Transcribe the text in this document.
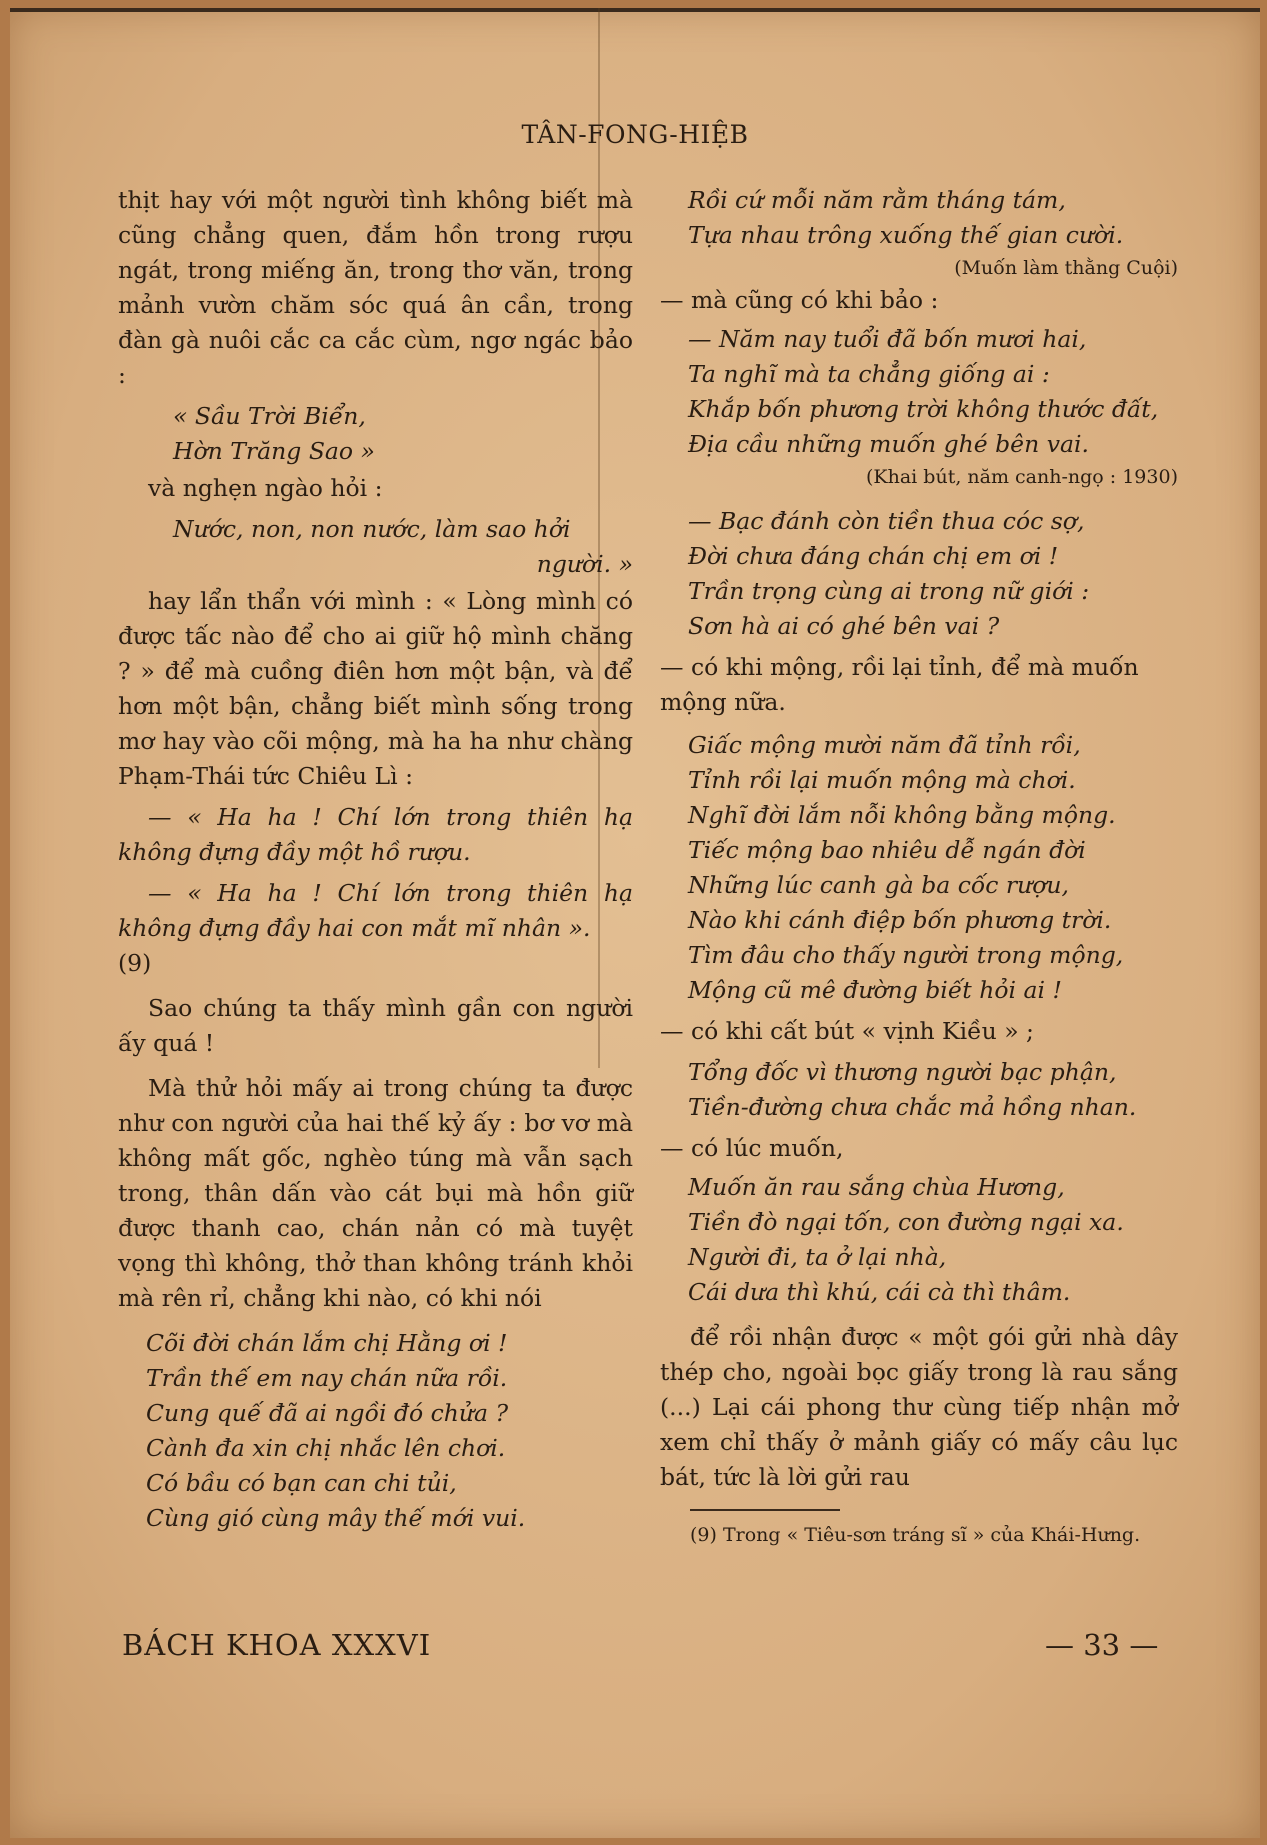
TÂN-FONG-HIỆB

thịt hay với một người tình không biết mà cũng chẳng quen, đắm hồn trong rượu ngát, trong miếng ăn, trong thơ văn, trong mảnh vườn chăm sóc quá ân cần, trong đàn gà nuôi cắc ca cắc cùm, ngơ ngác bảo :

« Sầu Trời Biển,
Hờn Trăng Sao »

và nghẹn ngào hỏi :

Nước, non, non nước, làm sao hởi
người. »

hay lẩn thẩn với mình : « Lòng mình có được tấc nào để cho ai giữ hộ mình chăng ? » để mà cuồng điên hơn một bận, và để hơn một bận, chẳng biết mình sống trong mơ hay vào cõi mộng, mà ha ha như chàng Phạm-Thái tức Chiêu Lì :

— « Ha ha ! Chí lớn trong thiên hạ không đựng đầy một hồ rượu.

— « Ha ha ! Chí lớn trong thiên hạ không đựng đầy hai con mắt mĩ nhân ».

(9)

Sao chúng ta thấy mình gần con người ấy quá !

Mà thử hỏi mấy ai trong chúng ta được như con người của hai thế kỷ ấy : bơ vơ mà không mất gốc, nghèo túng mà vẫn sạch trong, thân dấn vào cát bụi mà hồn giữ được thanh cao, chán nản có mà tuyệt vọng thì không, thở than không tránh khỏi mà rên rỉ, chẳng khi nào, có khi nói

Cõi đời chán lắm chị Hằng ơi !
Trần thế em nay chán nữa rồi.
Cung quế đã ai ngồi đó chửa ?
Cành đa xin chị nhắc lên chơi.
Có bầu có bạn can chi tủi,
Cùng gió cùng mây thế mới vui.
Rồi cứ mỗi năm rằm tháng tám,
Tựa nhau trông xuống thế gian cười.
(Muốn làm thằng Cuội)

— mà cũng có khi bảo :

— Năm nay tuổi đã bốn mươi hai,
Ta nghĩ mà ta chẳng giống ai :
Khắp bốn phương trời không thước đất,
Địa cầu những muốn ghé bên vai.
(Khai bút, năm canh-ngọ : 1930)
— Bạc đánh còn tiền thua cóc sợ,
Đời chưa đáng chán chị em ơi !
Trần trọng cùng ai trong nữ giới :
Sơn hà ai có ghé bên vai ?

— có khi mộng, rồi lại tỉnh, để mà muốn

mộng nữa.

Giấc mộng mười năm đã tỉnh rồi,
Tỉnh rồi lại muốn mộng mà chơi.
Nghĩ đời lắm nỗi không bằng mộng.
Tiếc mộng bao nhiêu dễ ngán đời
Những lúc canh gà ba cốc rượu,
Nào khi cánh điệp bốn phương trời.
Tìm đâu cho thấy người trong mộng,
Mộng cũ mê đường biết hỏi ai !

— có khi cất bút « vịnh Kiều » ;

Tổng đốc vì thương người bạc phận,
Tiền-đường chưa chắc mả hồng nhan.

— có lúc muốn,

Muốn ăn rau sắng chùa Hương,
Tiền đò ngại tốn, con đường ngại xa.
Người đi, ta ở lại nhà,
Cái dưa thì khú, cái cà thì thâm.

để rồi nhận được « một gói gửi nhà dây thép cho, ngoài bọc giấy trong là rau sắng (...) Lại cái phong thư cùng tiếp nhận mở xem chỉ thấy ở mảnh giấy có mấy câu lục bát, tức là lời gửi rau

(9) Trong « Tiêu-sơn tráng sĩ » của Khái-Hưng.
BÁCH KHOA XXXVI	— 33 —
